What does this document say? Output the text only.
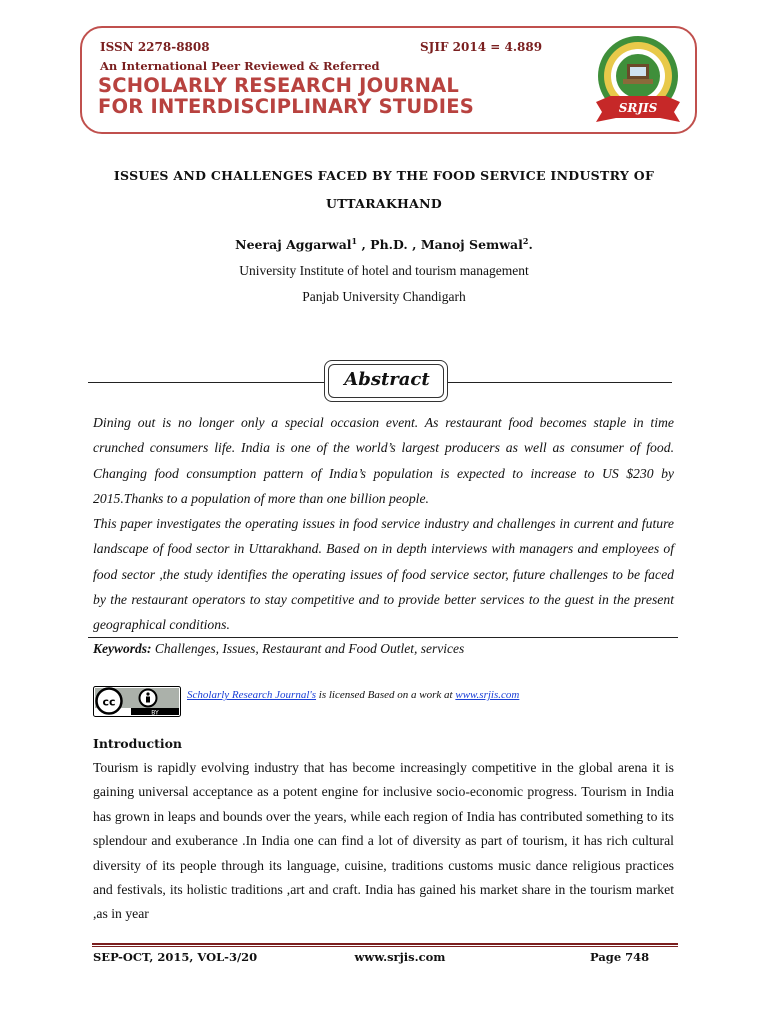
ISSN 2278-8808	SJIF 2014 = 4.889
An International Peer Reviewed & Referred
SCHOLARLY RESEARCH JOURNAL
FOR INTERDISCIPLINARY STUDIES	SRJIS
ISSUES AND CHALLENGES FACED BY THE FOOD SERVICE INDUSTRY OF
UTTARAKHAND
Neeraj Aggarwal$^1$ , Ph.D. , Manoj Semwal$^2$.
University Institute of hotel and tourism management
Panjab University Chandigarh
Abstract

Dining out is no longer only a special occasion event. As restaurant food becomes staple in time crunched consumers life. India is one of the world’s largest producers as well as consumer of food. Changing food consumption pattern of India’s population is expected to increase to US $230 by 2015.Thanks to a population of more than one billion people.

This paper investigates the operating issues in food service industry and challenges in current and future landscape of food sector in Uttarakhand. Based on in depth interviews with managers and employees of food sector ,the study identifies the operating issues of food service sector, future challenges to be faced by the restaurant operators to stay competitive and to provide better services to the guest in the present geographical conditions.

Keywords: Challenges, Issues, Restaurant and Food Outlet, services
cc
BY
Scholarly Research Journal's is licensed Based on a work at www.srjis.com
Introduction

Tourism is rapidly evolving industry that has become increasingly competitive in the global arena it is gaining universal acceptance as a potent engine for inclusive socio-economic progress. Tourism in India has grown in leaps and bounds over the years, while each region of India has contributed something to its splendour and exuberance .In India one can find a lot of diversity as part of tourism, it has rich cultural diversity of its people through its language, cuisine, traditions customs music dance religious practices and festivals, its holistic traditions ,art and craft. India has gained his market share in the tourism market ,as in year

SEP-OCT, 2015, VOL-3/20	www.srjis.com	Page 748
